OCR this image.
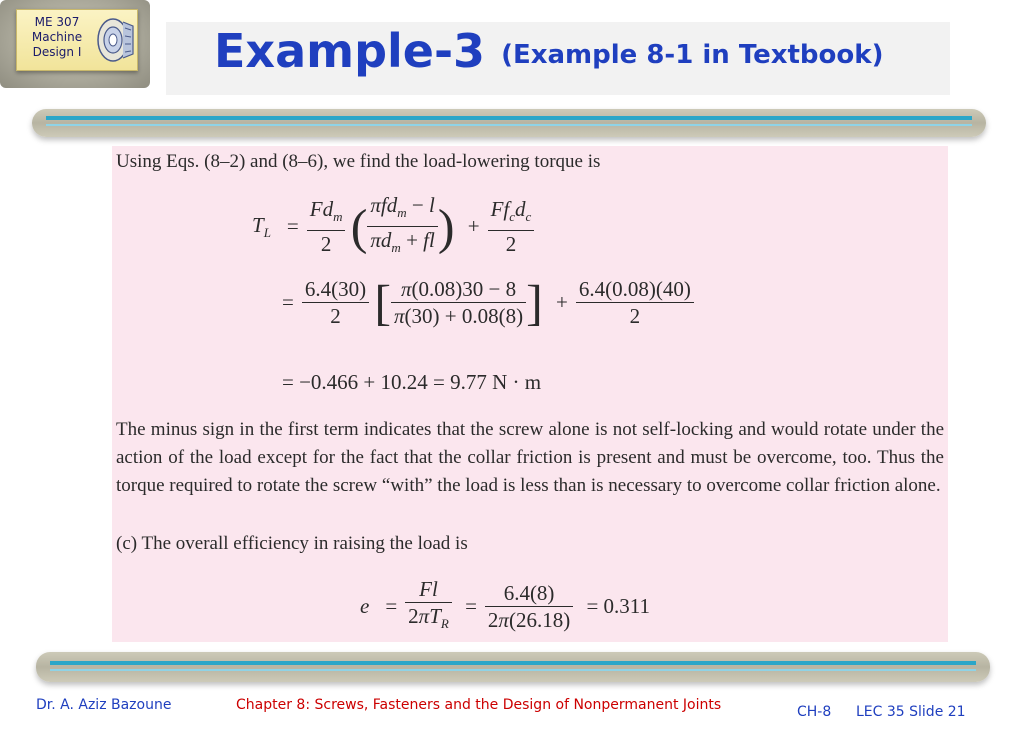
ME 307
Machine
Design I	Example-3 (Example 8-1 in Textbook)
Using Eqs. (8–2) and (8–6), we find the load-lowering torque is
$T_L = \frac{Fd_m}{2}$ ( $\frac{\pi fd_m - l}{\pi d_m + fl}$ ) + $\frac{Ff_cd_c}{2}$
= $\frac{6.4(30)}{2}$ [ $\frac{\pi(0.08)30 - 8}{\pi(30) + 0.08(8)}$ ] + $\frac{6.4(0.08)(40)}{2}$
= −0.466 + 10.24 = 9.77 N · m
The minus sign in the first term indicates that the screw alone is not self-locking and would rotate under the action of the load except for the fact that the collar friction is present and must be overcome, too. Thus the torque required to rotate the screw “with” the load is less than is necessary to overcome collar friction alone.
(c) The overall efficiency in raising the load is
$e = \frac{Fl}{2\pi T_R} = \frac{6.4(8)}{2\pi(26.18)} = 0.311$
Dr. A. Aziz Bazoune	Chapter 8: Screws, Fasteners and the Design of Nonpermanent Joints	CH-8 LEC 35 Slide 21
